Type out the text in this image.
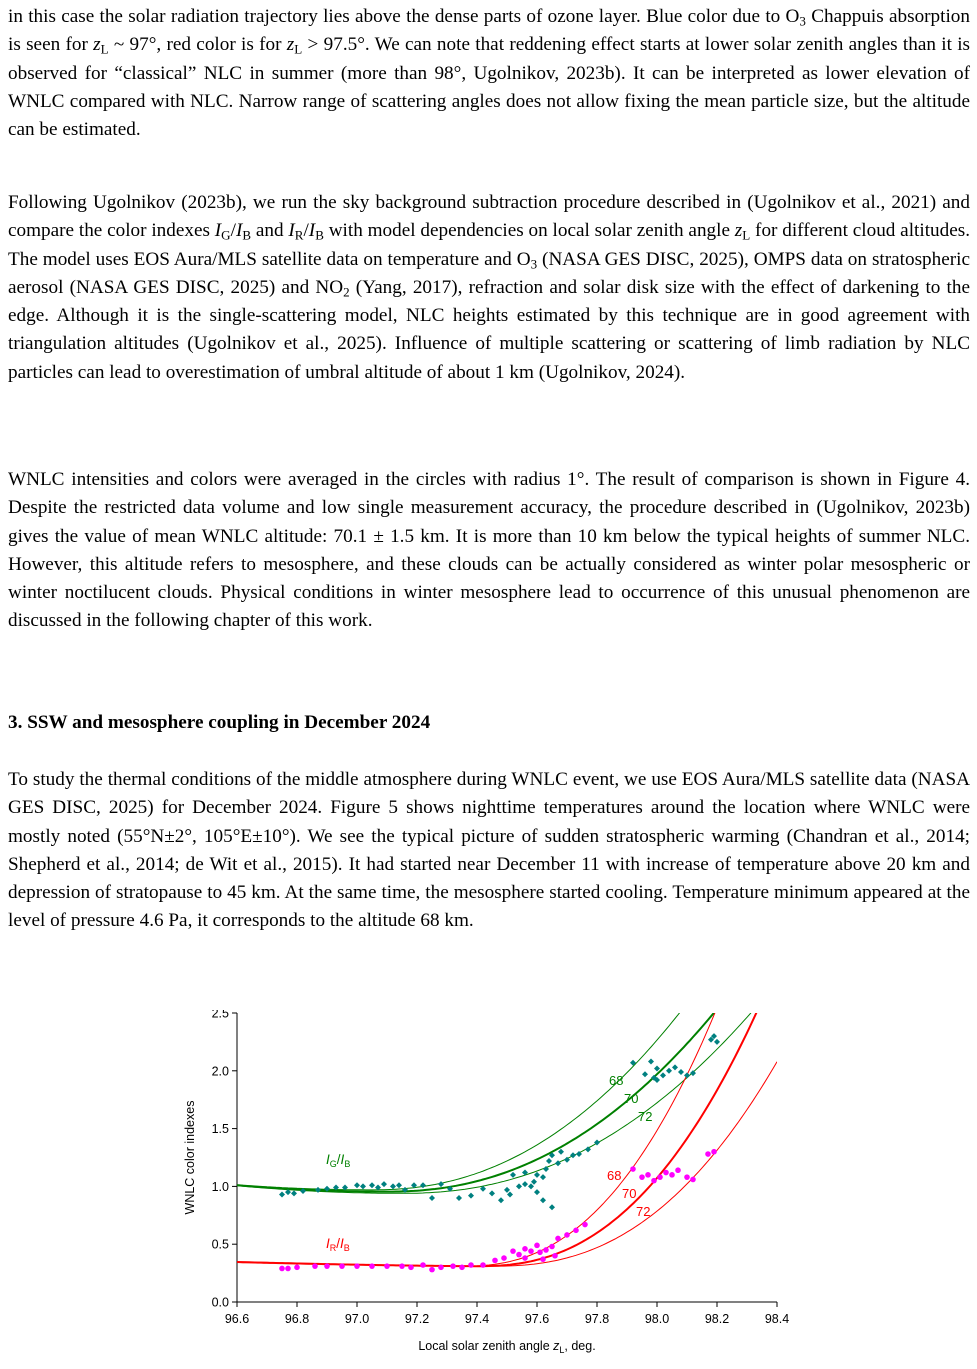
in this case the solar radiation trajectory lies above the dense parts of ozone layer. Blue color due to $O_3$ Chappuis absorption is seen for $z_L$ ~ 97°, red color is for $z_L > 97.5^\circ$. We can note that reddening effect starts at lower solar zenith angles than it is observed for “classical” NLC in summer (more than 98°, Ugolnikov, 2023b). It can be interpreted as lower elevation of WNLC compared with NLC. Narrow range of scattering angles does not allow fixing the mean particle size, but the altitude can be estimated.

Following Ugolnikov (2023b), we run the sky background subtraction procedure described in (Ugolnikov et al., 2021) and compare the color indexes $I_G/I_B$ and $I_R/I_B$ with model dependencies on local solar zenith angle $z_L$ for different cloud altitudes. The model uses EOS Aura/MLS satellite data on temperature and $O_3$ (NASA GES DISC, 2025), OMPS data on stratospheric aerosol (NASA GES DISC, 2025) and $NO_2$ (Yang, 2017), refraction and solar disk size with the effect of darkening to the edge. Although it is the single-scattering model, NLC heights estimated by this technique are in good agreement with triangulation altitudes (Ugolnikov et al., 2025). Influence of multiple scattering or scattering of limb radiation by NLC particles can lead to overestimation of umbral altitude of about 1 km (Ugolnikov, 2024).

WNLC intensities and colors were averaged in the circles with radius 1°. The result of comparison is shown in Figure 4. Despite the restricted data volume and low single measurement accuracy, the procedure described in (Ugolnikov, 2023b) gives the value of mean WNLC altitude: 70.1 ± 1.5 km. It is more than 10 km below the typical heights of summer NLC. However, this altitude refers to mesosphere, and these clouds can be actually considered as winter polar mesospheric or winter noctilucent clouds. Physical conditions in winter mesosphere lead to occurrence of this unusual phenomenon are discussed in the following chapter of this work.

3. SSW and mesosphere coupling in December 2024

To study the thermal conditions of the middle atmosphere during WNLC event, we use EOS Aura/MLS satellite data (NASA GES DISC, 2025) for December 2024. Figure 5 shows nighttime temperatures around the location where WNLC were mostly noted (55°N±2°, 105°E±10°). We see the typical picture of sudden stratospheric warming (Chandran et al., 2014; Shepherd et al., 2014; de Wit et al., 2015). It had started near December 11 with increase of temperature above 20 km and depression of stratopause to 45 km. At the same time, the mesosphere started cooling. Temperature minimum appeared at the level of pressure 4.6 Pa, it corresponds to the altitude 68 km.

96.6	96.8	97.0	97.2	97.4	97.6	97.8	98.0	98.2	98.4
0.0
0.5
1.0
1.5
2.0
2.5
WNLC color indexes
Local solar zenith angle $z_L$, deg.
$I_G/I_B$
$I_R/I_B$
68
70
72
68
70
72
